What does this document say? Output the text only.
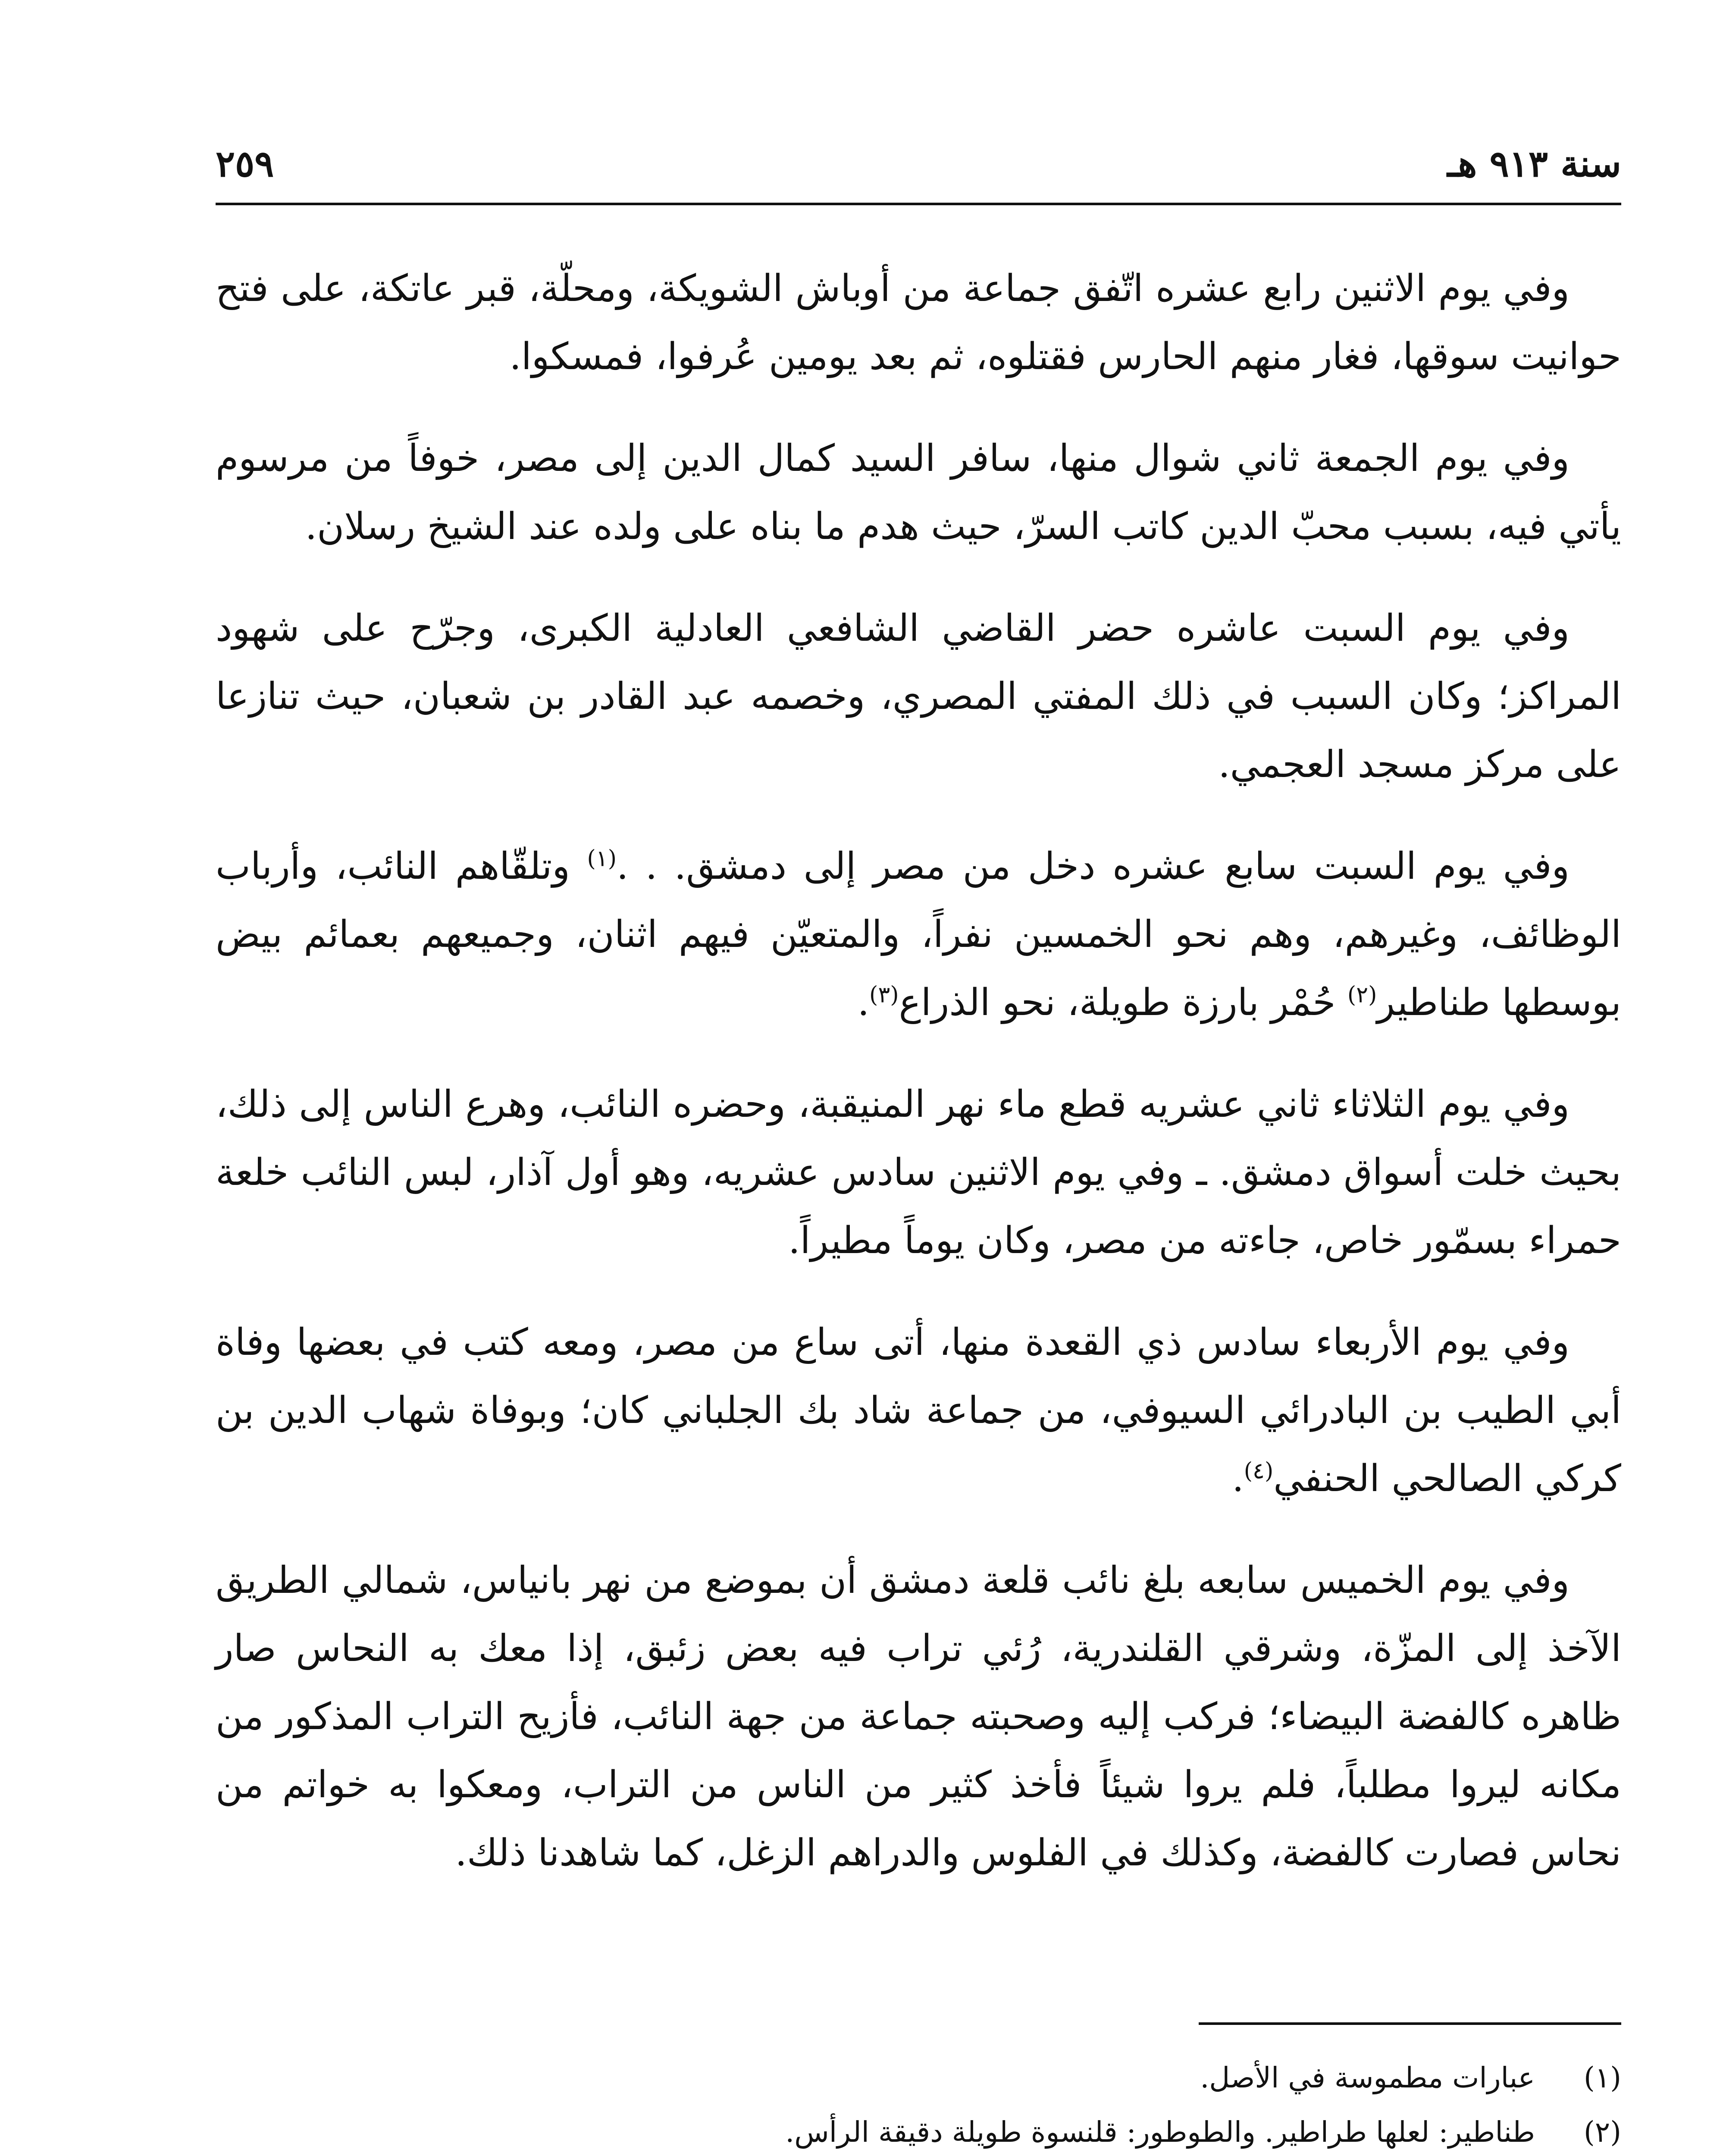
سنة ٩١٣ هـ
٢٥٩

وفي يوم الاثنين رابع عشره اتّفق جماعة من أوباش الشويكة، ومحلّة، قبر عاتكة، على فتح حوانيت سوقها، فغار منهم الحارس فقتلوه، ثم بعد يومين عُرفوا، فمسكوا.

وفي يوم الجمعة ثاني شوال منها، سافر السيد كمال الدين إلى مصر، خوفاً من مرسوم يأتي فيه، بسبب محبّ الدين كاتب السرّ، حيث هدم ما بناه على ولده عند الشيخ رسلان.

وفي يوم السبت عاشره حضر القاضي الشافعي العادلية الكبرى، وجرّح على شهود المراكز؛ وكان السبب في ذلك المفتي المصري، وخصمه عبد القادر بن شعبان، حيث تنازعا على مركز مسجد العجمي.

وفي يوم السبت سابع عشره دخل من مصر إلى دمشق. . .$^{(١)}$ وتلقّاهم النائب، وأرباب الوظائف، وغيرهم، وهم نحو الخمسين نفراً، والمتعيّن فيهم اثنان، وجميعهم بعمائم بيض بوسطها طناطير$^{(٢)}$ حُمْر بارزة طويلة، نحو الذراع$^{(٣)}$.

وفي يوم الثلاثاء ثاني عشريه قطع ماء نهر المنيقبة، وحضره النائب، وهرع الناس إلى ذلك، بحيث خلت أسواق دمشق. ـ وفي يوم الاثنين سادس عشريه، وهو أول آذار، لبس النائب خلعة حمراء بسمّور خاص، جاءته من مصر، وكان يوماً مطيراً.

وفي يوم الأربعاء سادس ذي القعدة منها، أتى ساع من مصر، ومعه كتب في بعضها وفاة أبي الطيب بن البادرائي السيوفي، من جماعة شاد بك الجلباني كان؛ وبوفاة شهاب الدين بن كركي الصالحي الحنفي$^{(٤)}$.

وفي يوم الخميس سابعه بلغ نائب قلعة دمشق أن بموضع من نهر بانياس، شمالي الطريق الآخذ إلى المزّة، وشرقي القلندرية، رُئي تراب فيه بعض زئبق، إذا معك به النحاس صار ظاهره كالفضة البيضاء؛ فركب إليه وصحبته جماعة من جهة النائب، فأزيح التراب المذكور من مكانه ليروا مطلباً، فلم يروا شيئاً فأخذ كثير من الناس من التراب، ومعكوا به خواتم من نحاس فصارت كالفضة، وكذلك في الفلوس والدراهم الزغل، كما شاهدنا ذلك.

(١)
عبارات مطموسة في الأصل.
(٢)
طناطير: لعلها طراطير. والطوطور: قلنسوة طويلة دقيقة الرأس.
